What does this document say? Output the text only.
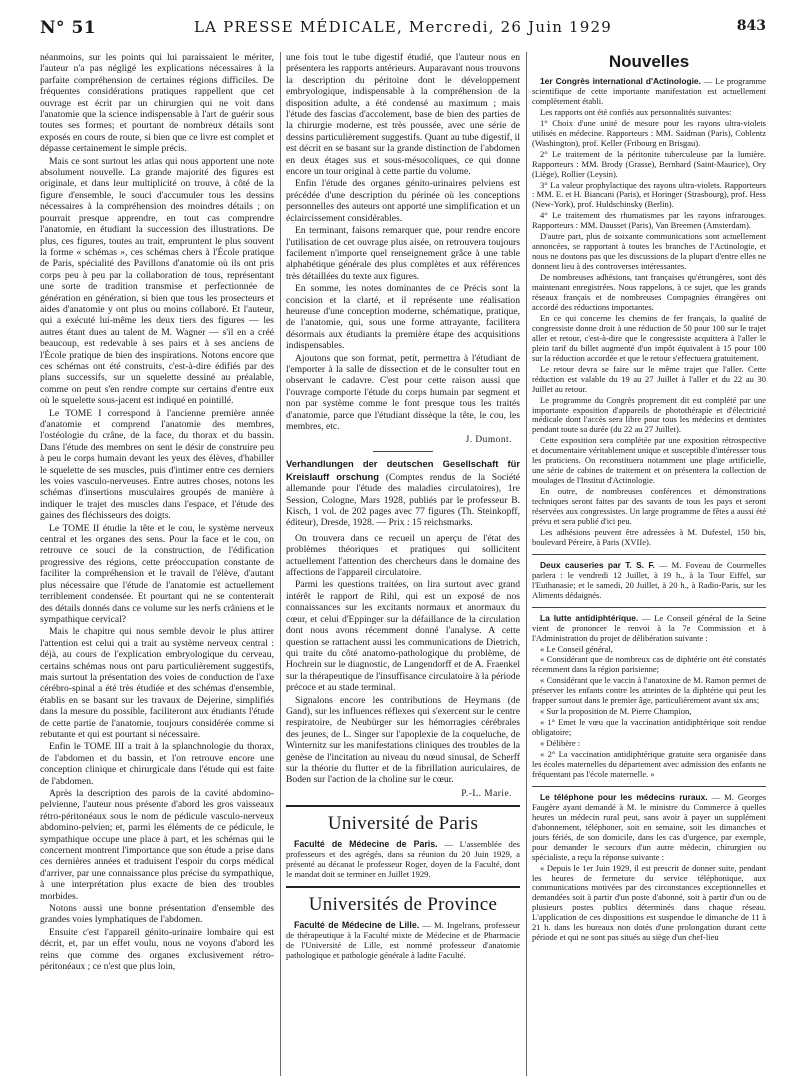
N° 51	LA PRESSE MÉDICALE, Mercredi, 26 Juin 1929	843

néanmoins, sur les points qui lui paraissaient le mériter, l'auteur n'a pas négligé les explications nécessaires à la parfaite compréhension de certaines régions difficiles. De fréquentes considérations pratiques rappellent que cet ouvrage est écrit par un chirurgien qui ne voit dans l'anatomie que la science indispensable à l'art de guérir sous toutes ses formes; et pourtant de nombreux détails sont exposés en cours de route, si bien que ce livre est complet et dépasse certainement le simple précis.

Mais ce sont surtout les atlas qui nous apportent une note absolument nouvelle. La grande majorité des figures est originale, et dans leur multiplicité on trouve, à côté de la figure d'ensemble, le souci d'accumuler tous les dessins nécessaires à la compréhension des moindres détails ; on pourrait presque apprendre, en tout cas comprendre l'anatomie, en étudiant la succession des illustrations. De plus, ces figures, toutes au trait, empruntent le plus souvent la forme « schémas », ces schémas chers à l'École pratique de Paris, spécialité des Pavillons d'anatomie où ils ont pris corps peu à peu par la collaboration de tous, représentant une sorte de tradition transmise et perfectionnée de génération en génération, si bien que tous les prosecteurs et aides d'anatomie y ont plus ou moins collaboré. Et l'auteur, qui a exécuté lui-même les deux tiers des figures — les autres étant dues au talent de M. Wagner — s'il en a créé beaucoup, est redevable à ses pairs et à ses anciens de l'École pratique de bien des inspirations. Notons encore que ces schémas ont été construits, c'est-à-dire édifiés par des plans successifs, sur un squelette dessiné au préalable, comme on peut s'en rendre compte sur certains d'entre eux où le squelette sous-jacent est indiqué en pointillé.

Le TOME I correspond à l'ancienne première année d'anatomie et comprend l'anatomie des membres, l'ostéologie du crâne, de la face, du thorax et du bassin. Dans l'étude des membres on sent le désir de construire peu à peu le corps humain devant les yeux des élèves, d'habiller le squelette de ses muscles, puis d'intimer entre ces derniers les voies vasculo-nerveuses. Entre autres choses, notons les schémas d'insertions musculaires groupés de manière à indiquer le trajet des muscles dans l'espace, et l'étude des gaines des fléchisseurs des doigts.

Le TOME II étudie la tête et le cou, le système nerveux central et les organes des sens. Pour la face et le cou, on retrouve ce souci de la construction, de l'édification progressive des régions, cette préoccupation constante de faciliter la compréhension et le travail de l'élève, d'autant plus nécessaire que l'étude de l'anatomie est actuellement terriblement condensée. Et pourtant qui ne se contenterait des détails donnés dans ce volume sur les nerfs crâniens et le sympathique cervical?

Mais le chapitre qui nous semble devoir le plus attirer l'attention est celui qui a trait au système nerveux central : déjà, au cours de l'explication embryologique du cerveau, certains schémas nous ont paru particulièrement suggestifs, mais surtout la présentation des voies de conduction de l'axe cérébro-spinal a été très étudiée et des schémas d'ensemble, établis en se basant sur les travaux de Dejerine, simplifiés dans la mesure du possible, faciliteront aux étudiants l'étude de cette partie de l'anatomie, toujours considérée comme si rebutante et qui est pourtant si nécessaire.

Enfin le TOME III a trait à la splanchnologie du thorax, de l'abdomen et du bassin, et l'on retrouve encore une conception clinique et chirurgicale dans l'étude qui est faite de l'abdomen.

Après la description des parois de la cavité abdomino-pelvienne, l'auteur nous présente d'abord les gros vaisseaux rétro-péritonéaux sous le nom de pédicule vasculo-nerveux abdomino-pelvien; et, parmi les éléments de ce pédicule, le sympathique occupe une place à part, et les schémas qui le concernent montrent l'importance que son étude a prise dans ces dernières années et traduisent l'espoir du corps médical d'arriver, par une connaissance plus précise du sympathique, à une interprétation plus exacte de bien des troubles morbides.

Notons aussi une bonne présentation d'ensemble des grandes voies lymphatiques de l'abdomen.

Ensuite c'est l'appareil génito-urinaire lombaire qui est décrit, et, par un effet voulu, nous ne voyons d'abord les reins que comme des organes exclusivement rétro-péritonéaux ; ce n'est que plus loin,

une fois tout le tube digestif étudié, que l'auteur nous en présentera les rapports antérieurs. Auparavant nous trouvons la description du péritoine dont le développement embryologique, indispensable à la compréhension de la disposition adulte, a été condensé au maximum ; mais l'étude des fascias d'accolement, base de bien des parties de la chirurgie moderne, est très poussée, avec une série de dessins particulièrement suggestifs. Quant au tube digestif, il est décrit en se basant sur la grande distinction de l'abdomen en deux étages sus et sous-mésocoliques, ce qui donne encore un tour original à cette partie du volume.

Enfin l'étude des organes génito-urinaires pelviens est précédée d'une description du périnée où les conceptions personnelles des auteurs ont apporté une simplification et un éclaircissement considérables.

En terminant, faisons remarquer que, pour rendre encore l'utilisation de cet ouvrage plus aisée, on retrouvera toujours facilement n'importe quel renseignement grâce à une table alphabétique générale des plus complètes et aux références très détaillées du texte aux figures.

En somme, les notes dominantes de ce Précis sont la concision et la clarté, et il représente une réalisation heureuse d'une conception moderne, schématique, pratique, de l'anatomie, qui, sous une forme attrayante, facilitera désormais aux étudiants la première étape des acquisitions indispensables.

Ajoutons que son format, petit, permettra à l'étudiant de l'emporter à la salle de dissection et de le consulter tout en observant le cadavre. C'est pour cette raison aussi que l'ouvrage comporte l'étude du corps humain par segment et non par système comme le font presque tous les traités d'anatomie, parce que l'étudiant dissèque la tête, le cou, les membres, etc.

J. Dumont.
Verhandlungen der deutschen Gesellschaft für Kreislauff orschung (Comptes rendus de la Société allemande pour l'étude des maladies circulatoires), 1re Session, Cologne, Mars 1928, publiés par le professeur B. Kisch, 1 vol. de 202 pages avec 77 figures (Th. Steinkopff, éditeur), Dresde, 1928. — Prix : 15 reichsmarks.

On trouvera dans ce recueil un aperçu de l'état des problèmes théoriques et pratiques qui sollicitent actuellement l'attention des chercheurs dans le domaine des affections de l'appareil circulatoire.

Parmi les questions traitées, on lira surtout avec grand intérêt le rapport de Rihl, qui est un exposé de nos connaissances sur les excitants normaux et anormaux du cœur, et celui d'Eppinger sur la défaillance de la circulation dont nous avons récemment donné l'analyse. A cette question se rattachent aussi les communications de Dietrich, qui traite du côté anatomo-pathologique du problème, de Hochrein sur le diagnostic, de Langendorff et de A. Fraenkel sur la thérapeutique de l'insuffisance circulatoire à la période précoce et au stade terminal.

Signalons encore les contributions de Heymans (de Gand), sur les influences réflexes qui s'exercent sur le centre respiratoire, de Neubürger sur les hémorragies cérébrales des jeunes, de L. Singer sur l'apoplexie de la coqueluche, de Winternitz sur les manifestations cliniques des troubles de la genèse de l'incitation au niveau du nœud sinusal, de Scherff sur la théorie du flutter et de la fibrillation auriculaires, de Boden sur l'action de la choline sur le cœur.

P.-L. Marie.
Université de Paris

Faculté de Médecine de Paris. — L'assemblée des professeurs et des agrégés, dans sa réunion du 20 Juin 1929, a présenté au décanat le professeur Roger, doyen de la Faculté, dont le mandat doit se terminer en Juillet 1929.

Universités de Province

Faculté de Médecine de Lille. — M. Ingelrans, professeur de thérapeutique à la Faculté mixte de Médecine et de Pharmacie de l'Université de Lille, est nommé professeur d'anatomie pathologique et pathologie générale à ladite Faculté.

Nouvelles

1er Congrès international d'Actinologie. — Le programme scientifique de cette importante manifestation est actuellement complètement établi.

Les rapports ont été confiés aux personnalités suivantes:

1° Choix d'une unité de mesure pour les rayons ultra-violets utilisés en médecine. Rapporteurs : MM. Saidman (Paris), Coblentz (Washington), prof. Keller (Fribourg en Brisgau).

2° Le traitement de la péritonite tuberculeuse par la lumière. Rapporteurs : MM. Brody (Grasse), Bernhard (Saint-Maurice), Ory (Liège), Rollier (Leysin).

3° La valeur prophylactique des rayons ultra-violets. Rapporteurs : MM. E. et H. Biancani (Paris), et Horinger (Strasbourg), prof. Hess (New-York), prof. Huldschinsky (Berlin).

4° Le traitement des rhumatismes par les rayons infrarouges. Rapporteurs : MM. Dausset (Paris), Van Breemen (Amsterdam).

D'autre part, plus de soixante communications sont actuellement annoncées, se rapportant à toutes les branches de l'Actinologie, et nous ne doutons pas que les discussions de la plupart d'entre elles ne donnent lieu à des controverses intéressantes.

De nombreuses adhésions, tant françaises qu'étrangères, sont dès maintenant enregistrées. Nous rappelons, à ce sujet, que les grands réseaux français et de nombreuses Compagnies étrangères ont accordé des réductions importantes.

En ce qui concerne les chemins de fer français, la qualité de congressiste donne droit à une réduction de 50 pour 100 sur le trajet aller et retour, c'est-à-dire que le congressiste acquittera à l'aller le plein tarif du billet augmenté d'un impôt équivalent à 15 pour 100 sur la réduction accordée et que le retour s'effectuera gratuitement.

Le retour devra se faire sur le même trajet que l'aller. Cette réduction est valable du 19 au 27 Juillet à l'aller et du 22 au 30 Juillet au retour.

Le programme du Congrès proprement dit est complété par une importante exposition d'appareils de photothérapie et d'électricité médicale dont l'accès sera libre pour tous les médecins et dentistes pendant toute sa durée (du 22 au 27 Juillet).

Cette exposition sera complétée par une exposition rétrospective et documentaire véritablement unique et susceptible d'intéresser tous les praticiens. On reconstituera notamment une plage artificielle, une série de cabines de traitement et on présentera la collection de moulages de l'Institut d'Actinologie.

En outre, de nombreuses conférences et démonstrations techniques seront faites par des savants de tous les pays et seront réservées aux congressistes. Un large programme de fêtes a aussi été prévu et sera publié d'ici peu.

Les adhésions peuvent être adressées à M. Dufestel, 150 bis, boulevard Péreire, à Paris (XVIIe).

Deux causeries par T. S. F. — M. Foveau de Courmelles parlera : le vendredi 12 Juillet, à 19 h., à la Tour Eiffel, sur l'Euthanasie; et le samedi, 20 Juillet, à 20 h., à Radio-Paris, sur les Aliments dédaignés.

La lutte antidiphtérique. — Le Conseil général de la Seine vient de prononcer le renvoi à la 7e Commission et à l'Administration du projet de délibération suivante :

« Le Conseil général,

« Considérant que de nombreux cas de diphtérie ont été constatés récemment dans la région parisienne;

« Considérant que le vaccin à l'anatoxine de M. Ramon permet de préserver les enfants contre les atteintes de la diphtérie qui peut les frapper surtout dans le premier âge, particulièrement avant six ans;

« Sur la proposition de M. Pierre Champion,

« 1° Emet le vœu que la vaccination antidiphtérique soit rendue obligatoire;

« Délibère :

« 2° La vaccination antidiphtérique gratuite sera organisée dans les écoles maternelles du département avec admission des enfants ne fréquentant pas l'école maternelle. »

Le téléphone pour les médecins ruraux. — M. Georges Faugère ayant demandé à M. le ministre du Commerce à quelles heures un médecin rural peut, sans avoir à payer un supplément d'abonnement, téléphoner, soit en semaine, soit les dimanches et jours fériés, de son domicile, dans les cas d'urgence, par exemple, pour demander le secours d'un autre médecin, chirurgien ou spécialiste, a reçu la réponse suivante :

« Depuis le 1er Juin 1929, il est prescrit de donner suite, pendant les heures de fermeture du service téléphonique, aux communications motivées par des circonstances exceptionnelles et demandées soit à partir d'un poste d'abonné, soit à partir d'un ou de plusieurs postes publics déterminés dans chaque réseau. L'application de ces dispositions est suspendue le dimanche de 11 à 21 h. dans les bureaux non dotés d'une prolongation durant cette période et qui ne sont pas situés au siège d'un chef-lieu
